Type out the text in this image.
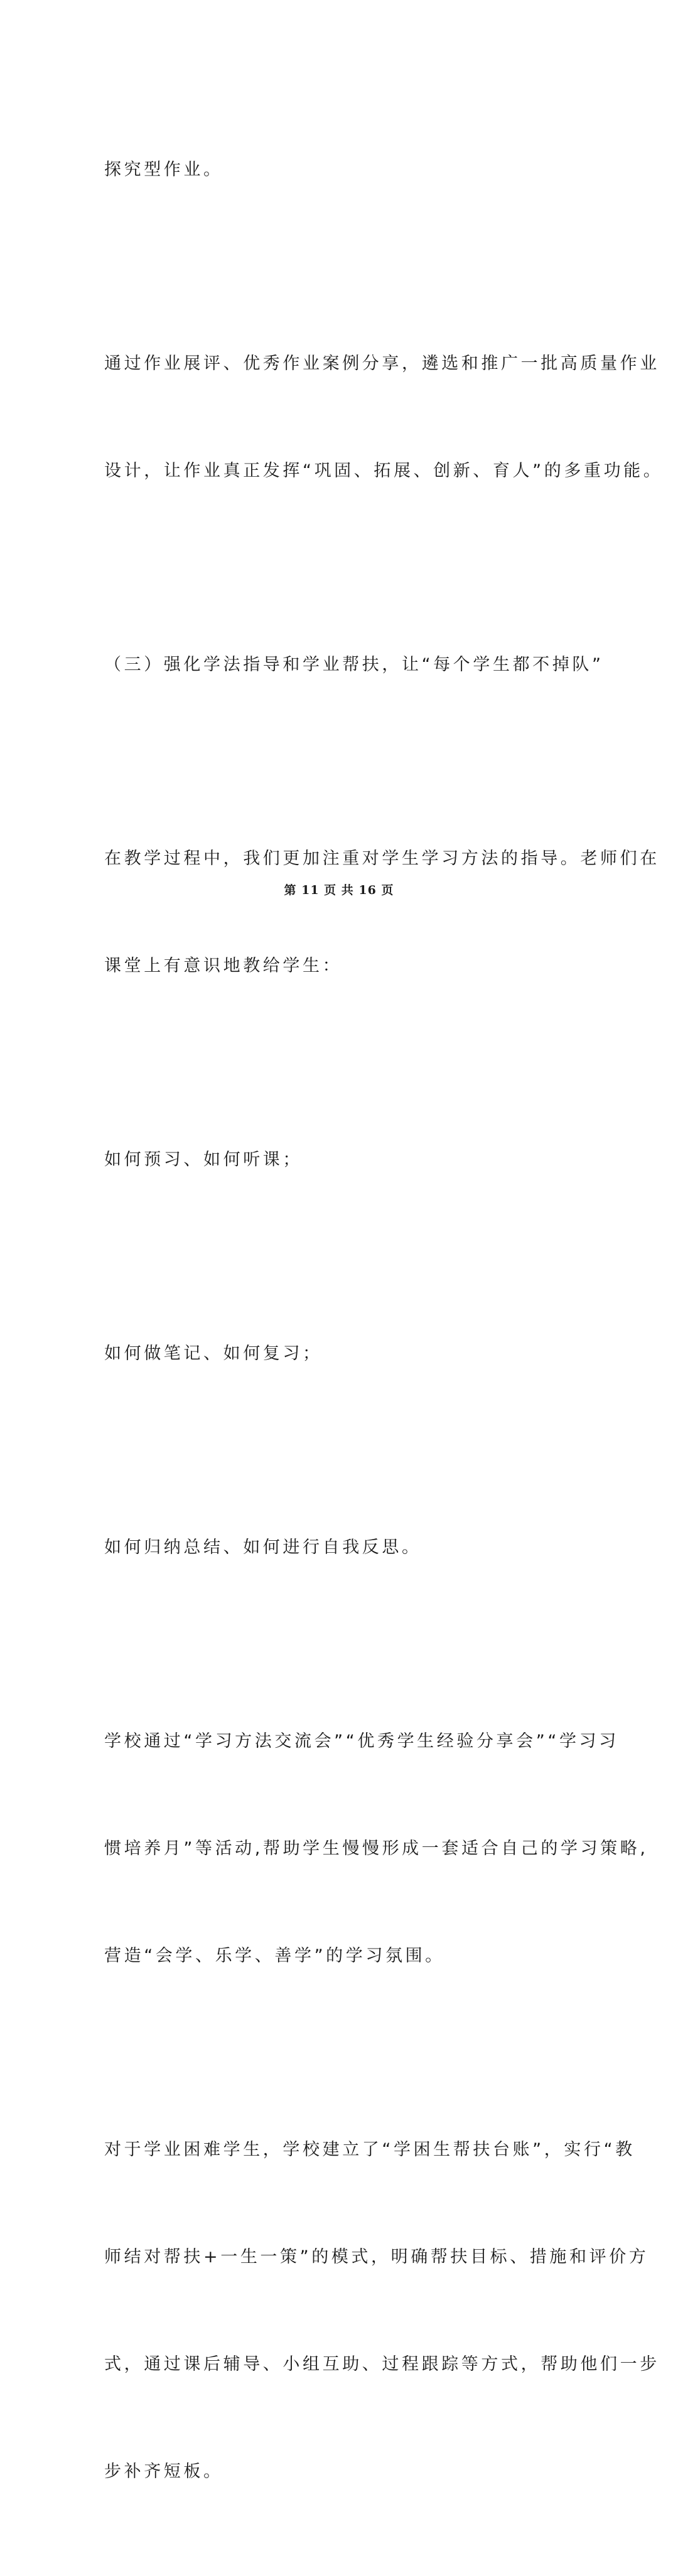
探究型作业。

通过作业展评、优秀作业案例分享，遴选和推广一批高质量作业

设计，让作业真正发挥“巩固、拓展、创新、育人”的多重功能。

（三）强化学法指导和学业帮扶，让“每个学生都不掉队”

在教学过程中，我们更加注重对学生学习方法的指导。老师们在

课堂上有意识地教给学生：

如何预习、如何听课；

如何做笔记、如何复习；

如何归纳总结、如何进行自我反思。

学校通过“学习方法交流会”“优秀学生经验分享会”“学习习

惯培养月”等活动,帮助学生慢慢形成一套适合自己的学习策略,

营造“会学、乐学、善学”的学习氛围。

对于学业困难学生，学校建立了“学困生帮扶台账”，实行“教

师结对帮扶+一生一策”的模式，明确帮扶目标、措施和评价方

式，通过课后辅导、小组互助、过程跟踪等方式，帮助他们一步

步补齐短板。

第 11 页 共 16 页
